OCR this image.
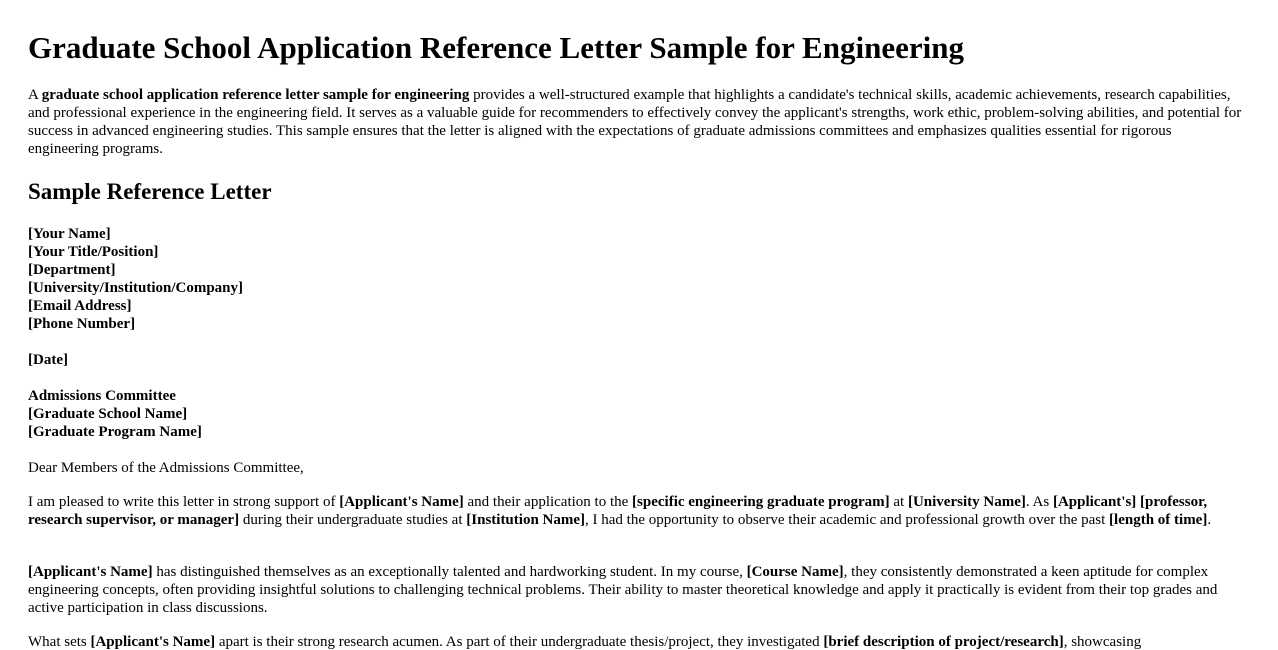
Graduate School Application Reference Letter Sample for Engineering

A graduate school application reference letter sample for engineering provides a well-structured example that highlights a candidate's technical skills, academic achievements, research capabilities, and professional experience in the engineering field. It serves as a valuable guide for recommenders to effectively convey the applicant's strengths, work ethic, problem-solving abilities, and potential for success in advanced engineering studies. This sample ensures that the letter is aligned with the expectations of graduate admissions committees and emphasizes qualities essential for rigorous engineering programs.

Sample Reference Letter
[Your Name]
[Your Title/Position]
[Department]
[University/Institution/Company]
[Email Address]
[Phone Number]
[Date]
Admissions Committee
[Graduate School Name]
[Graduate Program Name]

Dear Members of the Admissions Committee,

I am pleased to write this letter in strong support of [Applicant's Name] and their application to the [specific engineering graduate program] at [University Name]. As [Applicant's] [professor, research supervisor, or manager] during their undergraduate studies at [Institution Name], I had the opportunity to observe their academic and professional growth over the past [length of time].

[Applicant's Name] has distinguished themselves as an exceptionally talented and hardworking student. In my course, [Course Name], they consistently demonstrated a keen aptitude for complex engineering concepts, often providing insightful solutions to challenging technical problems. Their ability to master theoretical knowledge and apply it practically is evident from their top grades and active participation in class discussions.

What sets [Applicant's Name] apart is their strong research acumen. As part of their undergraduate thesis/project, they investigated [brief description of project/research], showcasing
